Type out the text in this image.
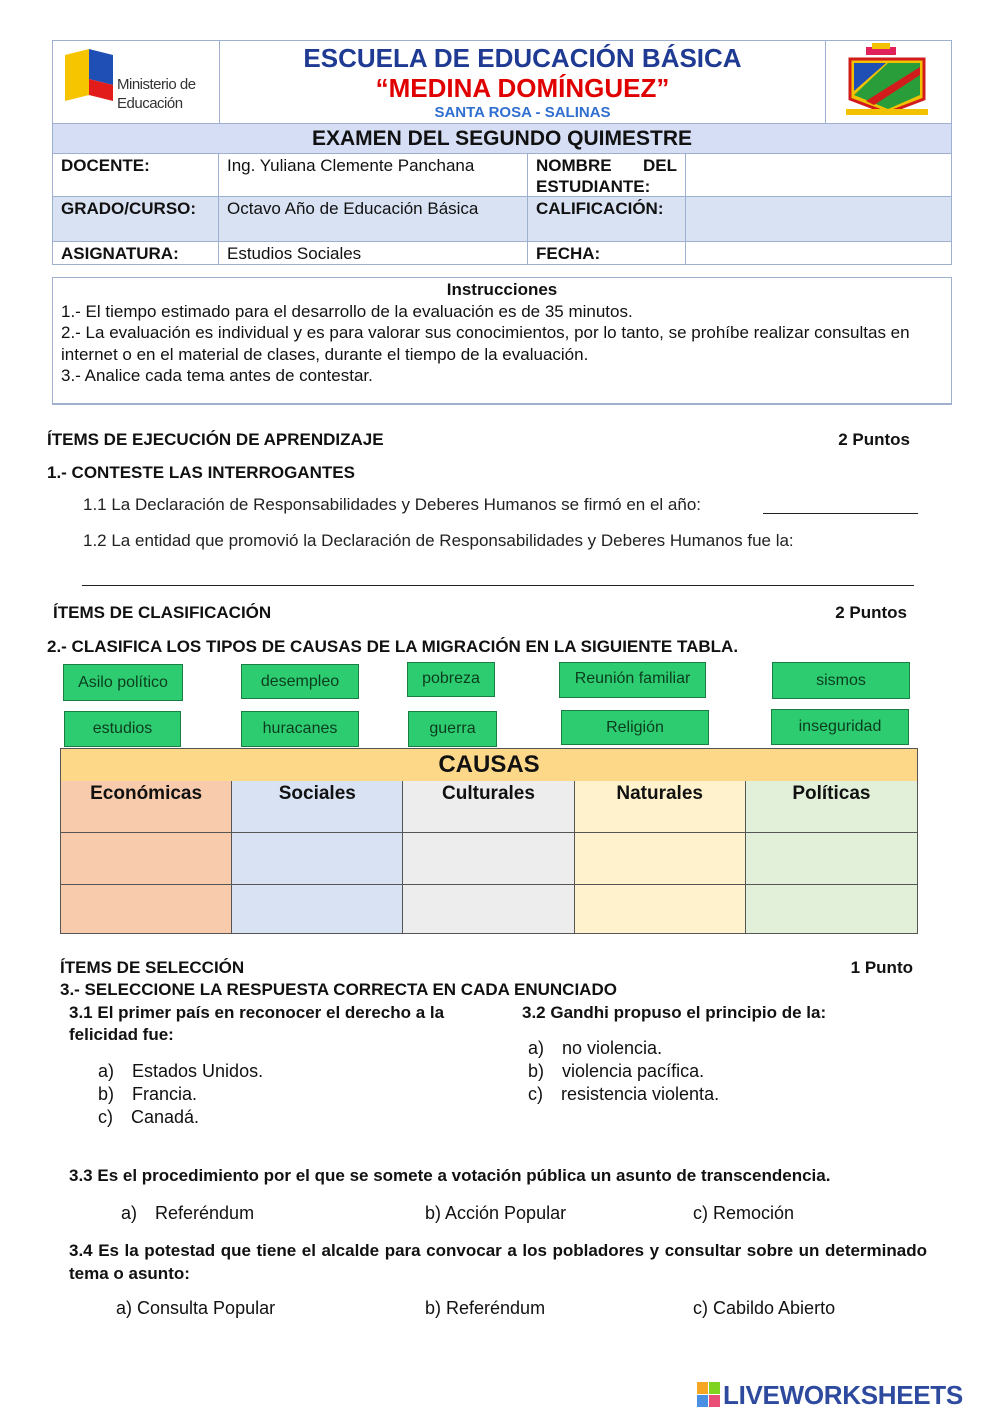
Ministerio de Educación
ESCUELA DE EDUCACIÓN BÁSICA
“MEDINA DOMÍNGUEZ”
SANTA ROSA - SALINAS
EXAMEN DEL SEGUNDO QUIMESTRE
DOCENTE:	Ing. Yuliana Clemente Panchana	NOMBRE DEL ESTUDIANTE:
GRADO/CURSO:	Octavo Año de Educación Básica	CALIFICACIÓN:
ASIGNATURA:	Estudios Sociales	FECHA:
Instrucciones
1.- El tiempo estimado para el desarrollo de la evaluación es de 35 minutos.
2.- La evaluación es individual y es para valorar sus conocimientos, por lo tanto, se prohíbe realizar consultas en internet o en el material de clases, durante el tiempo de la evaluación.
3.- Analice cada tema antes de contestar.
ÍTEMS DE EJECUCIÓN DE APRENDIZAJE	2 Puntos
1.- CONTESTE LAS INTERROGANTES
1.1 La Declaración de Responsabilidades y Deberes Humanos se firmó en el año:
1.2 La entidad que promovió la Declaración de Responsabilidades y Deberes Humanos fue la:
ÍTEMS DE CLASIFICACIÓN	2 Puntos
2.- CLASIFICA LOS TIPOS DE CAUSAS DE LA MIGRACIÓN EN LA SIGUIENTE TABLA.
Asilo político	desempleo	pobreza	Reunión familiar	sismos
estudios	huracanes	guerra	Religión	inseguridad
CAUSAS
Económicas	Sociales	Culturales	Naturales	Políticas
ÍTEMS DE SELECCIÓN	1 Punto
3.- SELECCIONE LA RESPUESTA CORRECTA EN CADA ENUNCIADO
3.1 El primer país en reconocer el derecho a la felicidad fue:
a) Estados Unidos.
b) Francia.
c) Canadá.
3.2 Gandhi propuso el principio de la:
a) no violencia.
b) violencia pacífica.
c) resistencia violenta.
3.3 Es el procedimiento por el que se somete a votación pública un asunto de transcendencia.
a) Referéndum	b) Acción Popular	c) Remoción
3.4 Es la potestad que tiene el alcalde para convocar a los pobladores y consultar sobre un determinado tema o asunto:
a) Consulta Popular	b) Referéndum	c) Cabildo Abierto
LIVEWORKSHEETS
